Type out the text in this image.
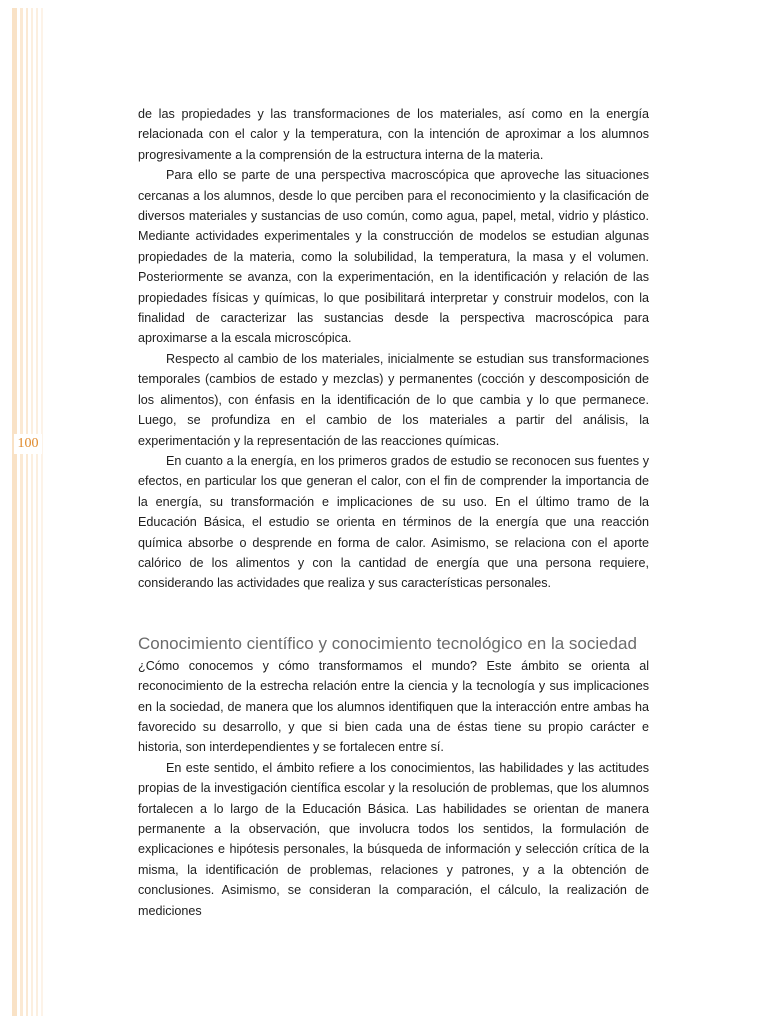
100

de las propiedades y las transformaciones de los materiales, así como en la energía relacionada con el calor y la temperatura, con la intención de aproximar a los alumnos progresivamente a la comprensión de la estructura interna de la materia.

Para ello se parte de una perspectiva macroscópica que aproveche las situaciones cercanas a los alumnos, desde lo que perciben para el reconocimiento y la clasificación de diversos materiales y sustancias de uso común, como agua, papel, metal, vidrio y plástico. Mediante actividades experimentales y la construcción de modelos se estudian algunas propiedades de la materia, como la solubilidad, la temperatura, la masa y el volumen. Posteriormente se avanza, con la experimentación, en la identificación y relación de las propiedades físicas y químicas, lo que posibilitará interpretar y construir modelos, con la finalidad de caracterizar las sustancias desde la perspectiva macroscópica para aproximarse a la escala microscópica.

Respecto al cambio de los materiales, inicialmente se estudian sus transformaciones temporales (cambios de estado y mezclas) y permanentes (cocción y descomposición de los alimentos), con énfasis en la identificación de lo que cambia y lo que permanece. Luego, se profundiza en el cambio de los materiales a partir del análisis, la experimentación y la representación de las reacciones químicas.

En cuanto a la energía, en los primeros grados de estudio se reconocen sus fuentes y efectos, en particular los que generan el calor, con el fin de comprender la importancia de la energía, su transformación e implicaciones de su uso. En el último tramo de la Educación Básica, el estudio se orienta en términos de la energía que una reacción química absorbe o desprende en forma de calor. Asimismo, se relaciona con el aporte calórico de los alimentos y con la cantidad de energía que una persona requiere, considerando las actividades que realiza y sus características personales.

Conocimiento científico y conocimiento tecnológico en la sociedad

¿Cómo conocemos y cómo transformamos el mundo? Este ámbito se orienta al reconocimiento de la estrecha relación entre la ciencia y la tecnología y sus implicaciones en la sociedad, de manera que los alumnos identifiquen que la interacción entre ambas ha favorecido su desarrollo, y que si bien cada una de éstas tiene su propio carácter e historia, son interdependientes y se fortalecen entre sí.

En este sentido, el ámbito refiere a los conocimientos, las habilidades y las actitudes propias de la investigación científica escolar y la resolución de problemas, que los alumnos fortalecen a lo largo de la Educación Básica. Las habilidades se orientan de manera permanente a la observación, que involucra todos los sentidos, la formulación de explicaciones e hipótesis personales, la búsqueda de información y selección crítica de la misma, la identificación de problemas, relaciones y patrones, y a la obtención de conclusiones. Asimismo, se consideran la comparación, el cálculo, la realización de mediciones
